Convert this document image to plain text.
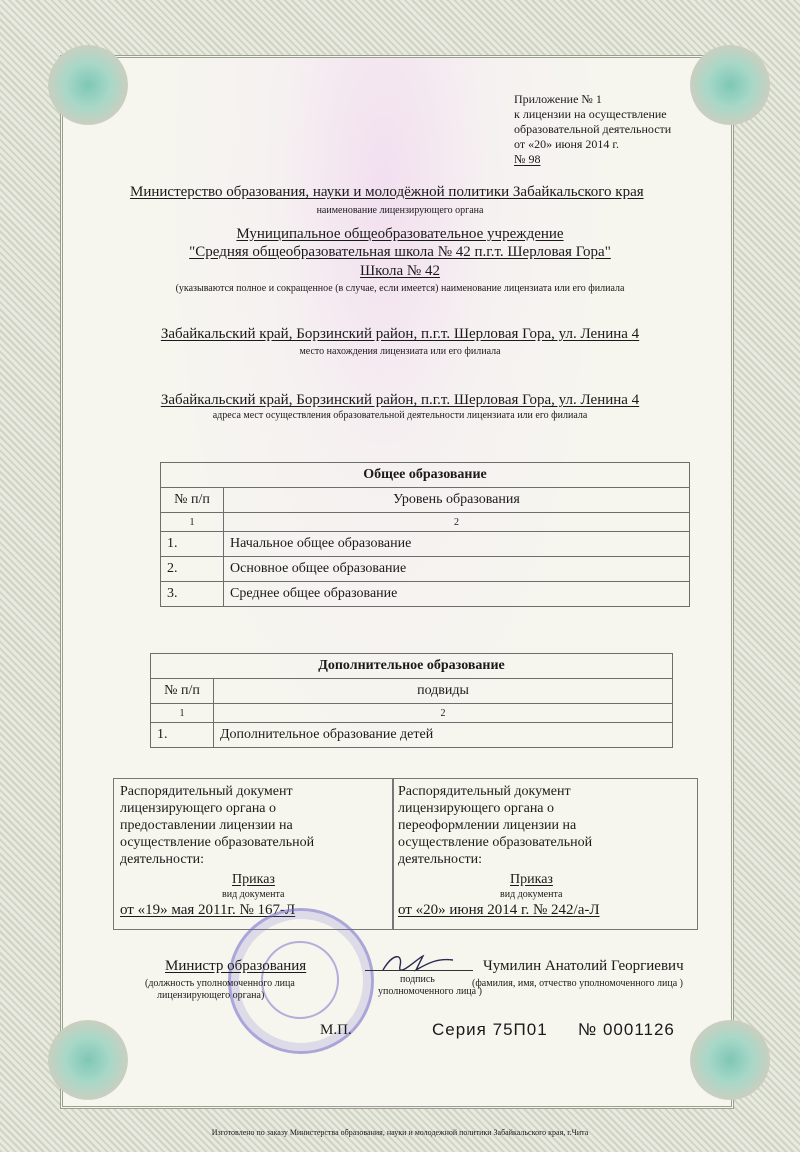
Приложение № 1
к лицензии на осуществление
образовательной деятельности
от «20» июня 2014 г.
№ 98
Министерство образования, науки и молодёжной политики Забайкальского края
наименование лицензирующего органа
Муниципальное общеобразовательное учреждение
"Средняя общеобразовательная школа № 42 п.г.т. Шерловая Гора"
Школа № 42
(указываются полное и сокращенное (в случае, если имеется) наименование лицензиата или его филиала
Забайкальский край, Борзинский район, п.г.т. Шерловая Гора, ул. Ленина 4
место нахождения лицензиата или его филиала
Забайкальский край, Борзинский район, п.г.т. Шерловая Гора, ул. Ленина 4
адреса мест осуществления образовательной деятельности лицензиата или его филиала
Общее образование	
№ п/п	Уровень образования
1	2
1.	Начальное общее образование
2.	Основное общее образование
3.	Среднее общее образование
Дополнительное образование	
№ п/п	подвиды
1	2
1.	Дополнительное образование детей
Распорядительный документ
лицензирующего органа о
предоставлении лицензии на
осуществление образовательной
деятельности:
Приказ
вид документа
от «19» мая 2011г. № 167-Л
Распорядительный документ
лицензирующего органа о
переоформлении лицензии на
осуществление образовательной
деятельности:
Приказ
вид документа
от «20» июня 2014 г. № 242/а-Л
Министр образования
(должность уполномоченного лица
лицензирующего органа)
подпись
уполномоченного лица )
Чумилин Анатолий Георгиевич
(фамилия, имя, отчество уполномоченного лица )
М.П.	Серия 75П01 № 0001126
Изготовлено по заказу Министерства образования, науки и молодежной политики Забайкальского края, г.Чита
